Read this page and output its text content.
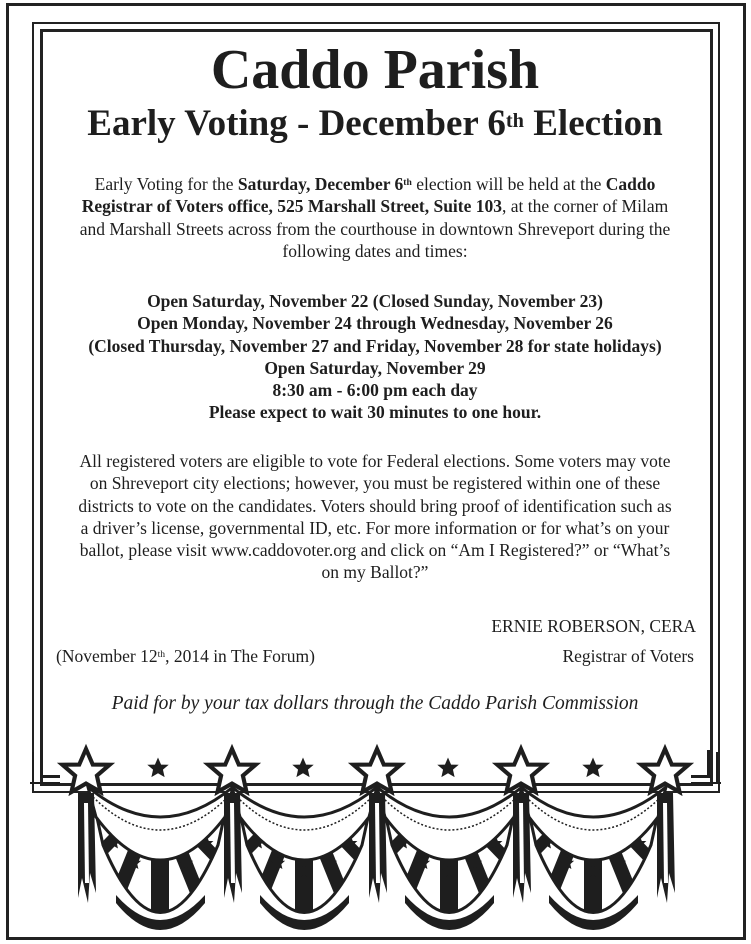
Caddo Parish
Early Voting - December 6th Election
Early Voting for the Saturday, December 6th election will be held at the Caddo
Registrar of Voters office, 525 Marshall Street, Suite 103, at the corner of Milam
and Marshall Streets across from the courthouse in downtown Shreveport during the
following dates and times:
Open Saturday, November 22 (Closed Sunday, November 23)
Open Monday, November 24 through Wednesday, November 26
(Closed Thursday, November 27 and Friday, November 28 for state holidays)
Open Saturday, November 29
8:30 am - 6:00 pm each day
Please expect to wait 30 minutes to one hour.
All registered voters are eligible to vote for Federal elections. Some voters may vote
on Shreveport city elections; however, you must be registered within one of these
districts to vote on the candidates. Voters should bring proof of identification such as
a driver’s license, governmental ID, etc. For more information or for what’s on your
ballot, please visit www.caddovoter.org and click on “Am I Registered?” or “What’s
on my Ballot?”
ERNIE ROBERSON, CERA
(November 12th, 2014 in The Forum)	Registrar of Voters
Paid for by your tax dollars through the Caddo Parish Commission
